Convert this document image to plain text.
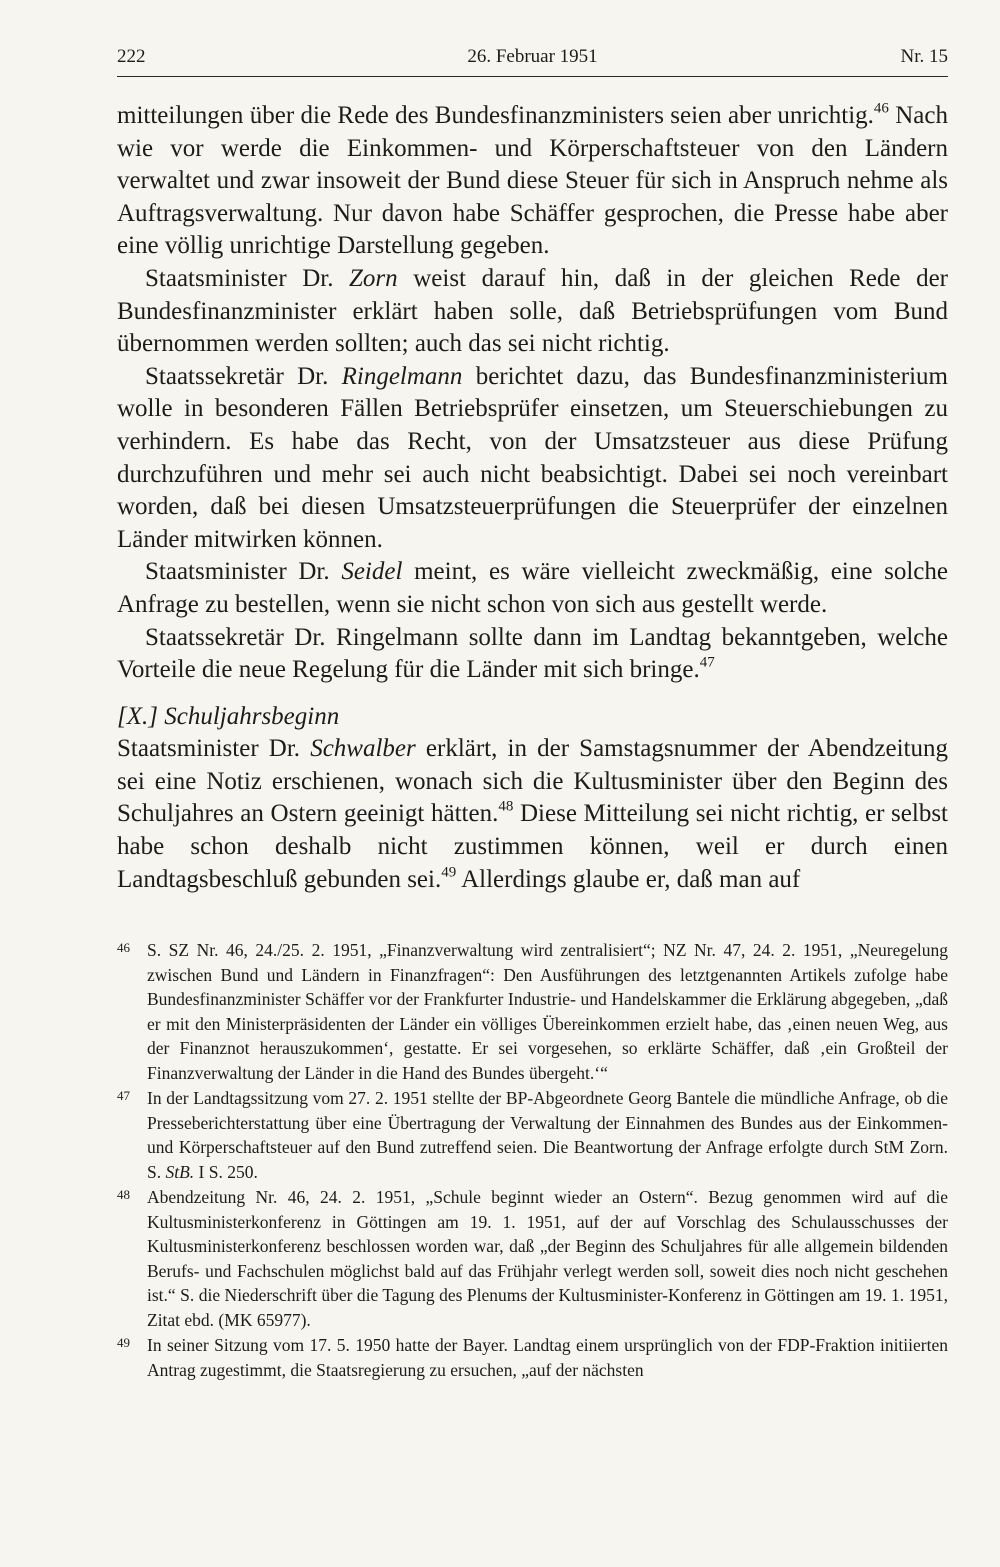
222	26. Februar 1951	Nr. 15

mitteilungen über die Rede des Bundesfinanzministers seien aber unrichtig.$^{46}$ Nach wie vor werde die Einkommen- und Körperschaftsteuer von den Ländern verwaltet und zwar insoweit der Bund diese Steuer für sich in Anspruch nehme als Auftragsverwaltung. Nur davon habe Schäffer gesprochen, die Presse habe aber eine völlig unrichtige Darstellung gegeben.

Staatsminister Dr. Zorn weist darauf hin, daß in der gleichen Rede der Bundesfinanzminister erklärt haben solle, daß Betriebsprüfungen vom Bund übernommen werden sollten; auch das sei nicht richtig.

Staatssekretär Dr. Ringelmann berichtet dazu, das Bundesfinanzministerium wolle in besonderen Fällen Betriebsprüfer einsetzen, um Steuerschiebungen zu verhindern. Es habe das Recht, von der Umsatzsteuer aus diese Prüfung durchzuführen und mehr sei auch nicht beabsichtigt. Dabei sei noch vereinbart worden, daß bei diesen Umsatzsteuerprüfungen die Steuerprüfer der einzelnen Länder mitwirken können.

Staatsminister Dr. Seidel meint, es wäre vielleicht zweckmäßig, eine solche Anfrage zu bestellen, wenn sie nicht schon von sich aus gestellt werde.

Staatssekretär Dr. Ringelmann sollte dann im Landtag bekanntgeben, welche Vorteile die neue Regelung für die Länder mit sich bringe.$^{47}$

[X.] Schuljahrsbeginn

Staatsminister Dr. Schwalber erklärt, in der Samstagsnummer der Abendzeitung sei eine Notiz erschienen, wonach sich die Kultusminister über den Beginn des Schuljahres an Ostern geeinigt hätten.$^{48}$ Diese Mitteilung sei nicht richtig, er selbst habe schon deshalb nicht zustimmen können, weil er durch einen Landtagsbeschluß gebunden sei.$^{49}$ Allerdings glaube er, daß man auf

46 S. SZ Nr. 46, 24./25. 2. 1951, „Finanzverwaltung wird zentralisiert“; NZ Nr. 47, 24. 2. 1951, „Neuregelung zwischen Bund und Ländern in Finanzfragen“: Den Ausführungen des letztgenannten Artikels zufolge habe Bundesfinanzminister Schäffer vor der Frankfurter Industrie- und Handelskammer die Erklärung abgegeben, „daß er mit den Ministerpräsidenten der Länder ein völliges Übereinkommen erzielt habe, das ‚einen neuen Weg, aus der Finanznot herauszukommen‘, gestatte. Er sei vorgesehen, so erklärte Schäffer, daß ‚ein Großteil der Finanzverwaltung der Länder in die Hand des Bundes übergeht.‘“
47 In der Landtagssitzung vom 27. 2. 1951 stellte der BP-Abgeordnete Georg Bantele die mündliche Anfrage, ob die Presseberichterstattung über eine Übertragung der Verwaltung der Einnahmen des Bundes aus der Einkommen- und Körperschaftsteuer auf den Bund zutreffend seien. Die Beantwortung der Anfrage erfolgte durch StM Zorn. S. StB. I S. 250.
48 Abendzeitung Nr. 46, 24. 2. 1951, „Schule beginnt wieder an Ostern“. Bezug genommen wird auf die Kultusministerkonferenz in Göttingen am 19. 1. 1951, auf der auf Vorschlag des Schulausschusses der Kultusministerkonferenz beschlossen worden war, daß „der Beginn des Schuljahres für alle allgemein bildenden Berufs- und Fachschulen möglichst bald auf das Frühjahr verlegt werden soll, soweit dies noch nicht geschehen ist.“ S. die Niederschrift über die Tagung des Plenums der Kultusminister-Konferenz in Göttingen am 19. 1. 1951, Zitat ebd. (MK 65977).
49 In seiner Sitzung vom 17. 5. 1950 hatte der Bayer. Landtag einem ursprünglich von der FDP-Fraktion initiierten Antrag zugestimmt, die Staatsregierung zu ersuchen, „auf der nächsten
